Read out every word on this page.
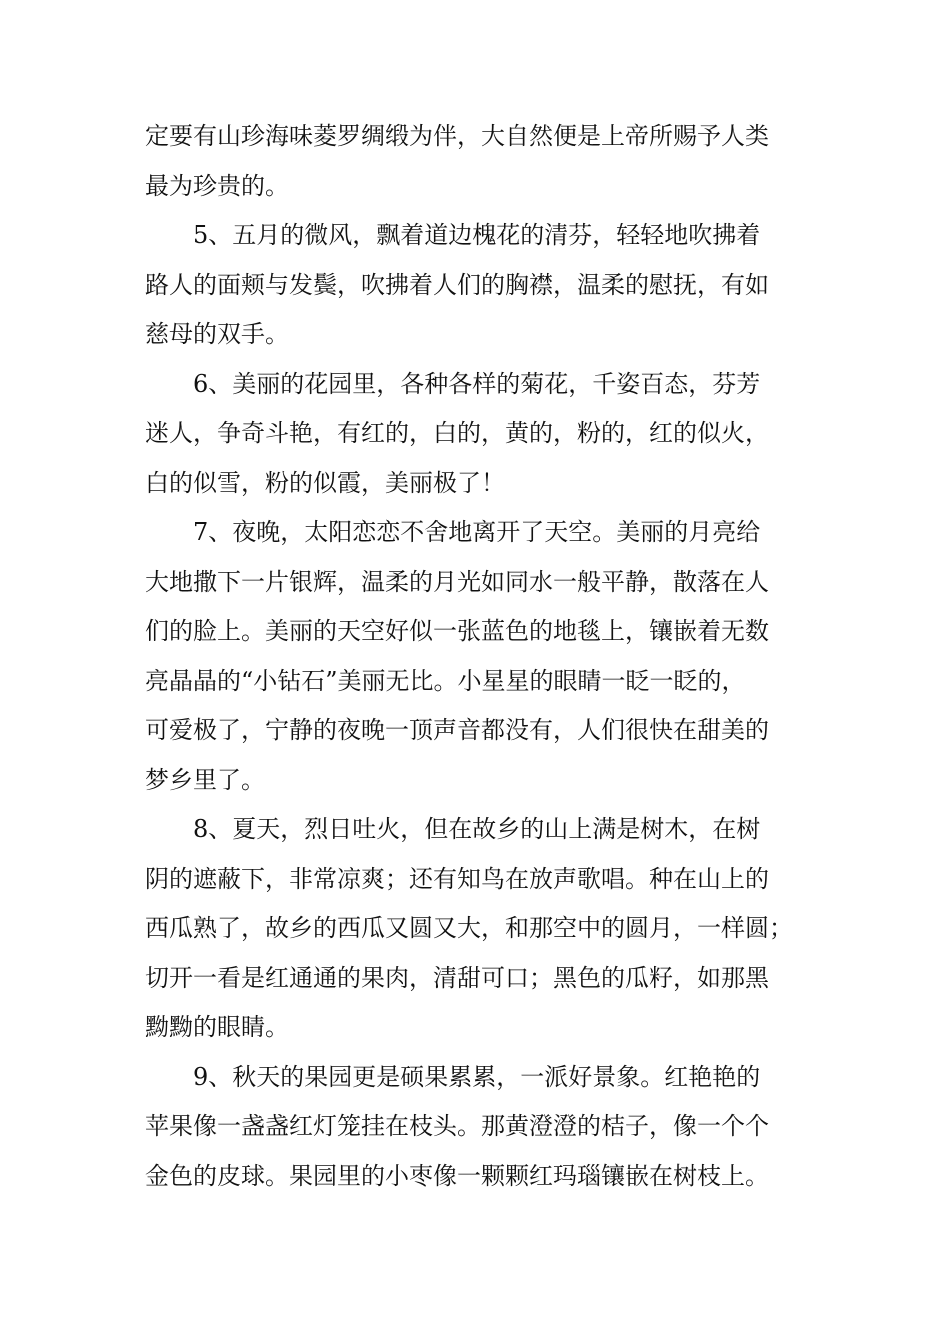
定要有山珍海味菱罗绸缎为伴，大自然便是上帝所赐予人类
最为珍贵的。
5、五月的微风，飘着道边槐花的清芬，轻轻地吹拂着
路人的面颊与发鬓，吹拂着人们的胸襟，温柔的慰抚，有如
慈母的双手。
6、美丽的花园里，各种各样的菊花，千姿百态，芬芳
迷人，争奇斗艳，有红的，白的，黄的，粉的，红的似火，
白的似雪，粉的似霞，美丽极了！
7、夜晚，太阳恋恋不舍地离开了天空。美丽的月亮给
大地撒下一片银辉，温柔的月光如同水一般平静，散落在人
们的脸上。美丽的天空好似一张蓝色的地毯上，镶嵌着无数
亮晶晶的“小钻石”美丽无比。小星星的眼睛一眨一眨的，
可爱极了，宁静的夜晚一顶声音都没有，人们很快在甜美的
梦乡里了。
8、夏天，烈日吐火，但在故乡的山上满是树木，在树
阴的遮蔽下，非常凉爽；还有知鸟在放声歌唱。种在山上的
西瓜熟了，故乡的西瓜又圆又大，和那空中的圆月，一样圆；
切开一看是红通通的果肉，清甜可口；黑色的瓜籽，如那黑
黝黝的眼睛。
9、秋天的果园更是硕果累累，一派好景象。红艳艳的
苹果像一盏盏红灯笼挂在枝头。那黄澄澄的桔子，像一个个
金色的皮球。果园里的小枣像一颗颗红玛瑙镶嵌在树枝上。
